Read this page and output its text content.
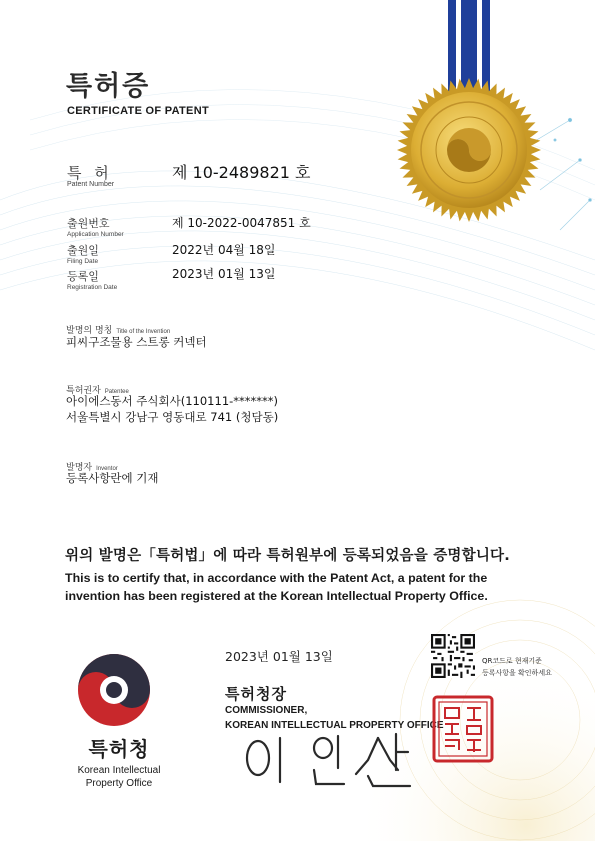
특허증
CERTIFICATE OF PATENT
특 허
Patent Number
제 10-2489821 호
출원번호
Application Number
제 10-2022-0047851 호
출원일
Filing Date
2022년 04월 18일
등록일
Registration Date
2023년 01월 13일
발명의 명칭 Title of the Invention
피씨구조물용 스트롱 커넥터
특허권자 Patentee
아이에스동서 주식회사(110111-*******)
서울특별시 강남구 영동대로 741 (청담동)
발명자 Inventor
등록사항란에 기재
위의 발명은「특허법」에 따라 특허원부에 등록되었음을 증명합니다.
This is to certify that, in accordance with the Patent Act, a patent for the
invention has been registered at the Korean Intellectual Property Office.
2023년 01월 13일
특허청장
COMMISSIONER,
KOREAN INTELLECTUAL PROPERTY OFFICE
QR코드로 현재기준
등록사항을 확인하세요
특허청
Korean Intellectual
Property Office
